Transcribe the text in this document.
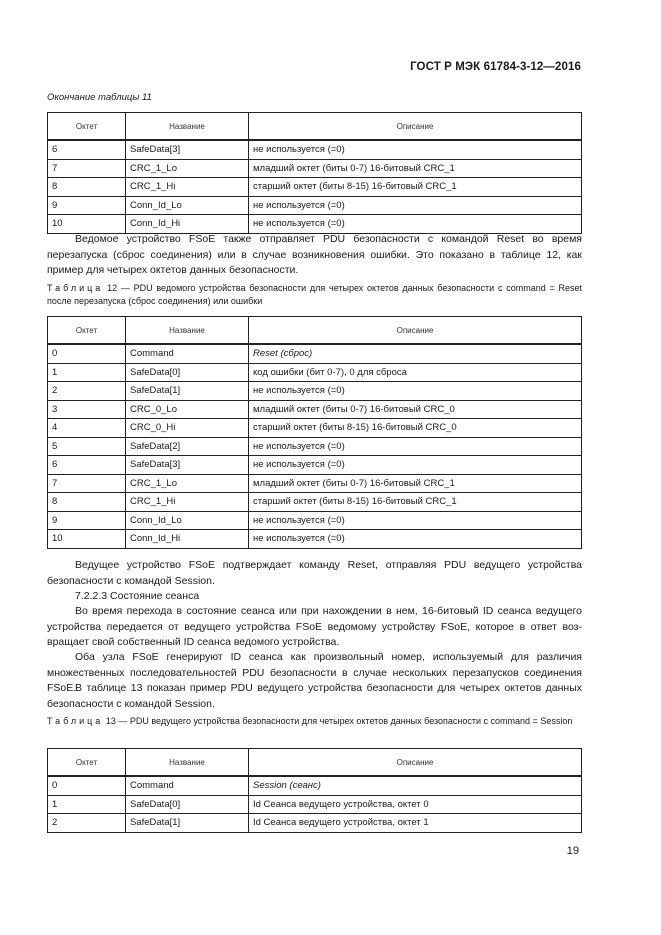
ГОСТ Р МЭК 61784-3-12—2016
Окончание таблицы 11
Октет	Название	Описание
6	SafeData[3]	не используется (=0)
7	CRC_1_Lo	младший октет (биты 0-7) 16-битовый CRC_1
8	CRC_1_Hi	старший октет (биты 8-15) 16-битовый CRC_1
9	Conn_Id_Lo	не используется (=0)
10	Conn_Id_Hi	не используется (=0)
Ведомое устройство FSoE также отправляет PDU безопасности с командой Reset во время перезапуска (сброс соединения) или в случае возникновения ошибки. Это показано в таблице 12, как пример для четырех октетов данных безопасности.
Таблица 12 — PDU ведомого устройства безопасности для четырех октетов данных безопасности с command = Reset после перезапуска (сброс соединения) или ошибки
Октет	Название	Описание
0	Command	Reset (сброс)
1	SafeData[0]	код ошибки (бит 0-7), 0 для сброса
2	SafeData[1]	не используется (=0)
3	CRC_0_Lo	младший октет (биты 0-7) 16-битовый CRC_0
4	CRC_0_Hi	старший октет (биты 8-15) 16-битовый CRC_0
5	SafeData[2]	не используется (=0)
6	SafeData[3]	не используется (=0)
7	CRC_1_Lo	младший октет (биты 0-7) 16-битовый CRC_1
8	CRC_1_Hi	старший октет (биты 8-15) 16-битовый CRC_1
9	Conn_Id_Lo	не используется (=0)
10	Conn_Id_Hi	не используется (=0)
Ведущее устройство FSoE подтверждает команду Reset, отправляя PDU ведущего устройства безопасности с командой Session.
7.2.2.3 Состояние сеанса
Во время перехода в состояние сеанса или при нахождении в нем, 16-битовый ID сеанса ведущего устройства передается от ведущего устройства FSoE ведомому устройству FSoE, которое в ответ возвращает свой собственный ID сеанса ведомого устройства.
Оба узла FSoE генерируют ID сеанса как произвольный номер, используемый для различия множественных последовательностей PDU безопасности в случае нескольких перезапусков соединения FSoE.
В таблице 13 показан пример PDU ведущего устройства безопасности для четырех октетов данных безопасности с командой Session.
Таблица 13 — PDU ведущего устройства безопасности для четырех октетов данных безопасности с command = Session
Октет	Название	Описание
0	Command	Session (сеанс)
1	SafeData[0]	Id Сеанса ведущего устройства, октет 0
2	SafeData[1]	Id Сеанса ведущего устройства, октет 1
19
